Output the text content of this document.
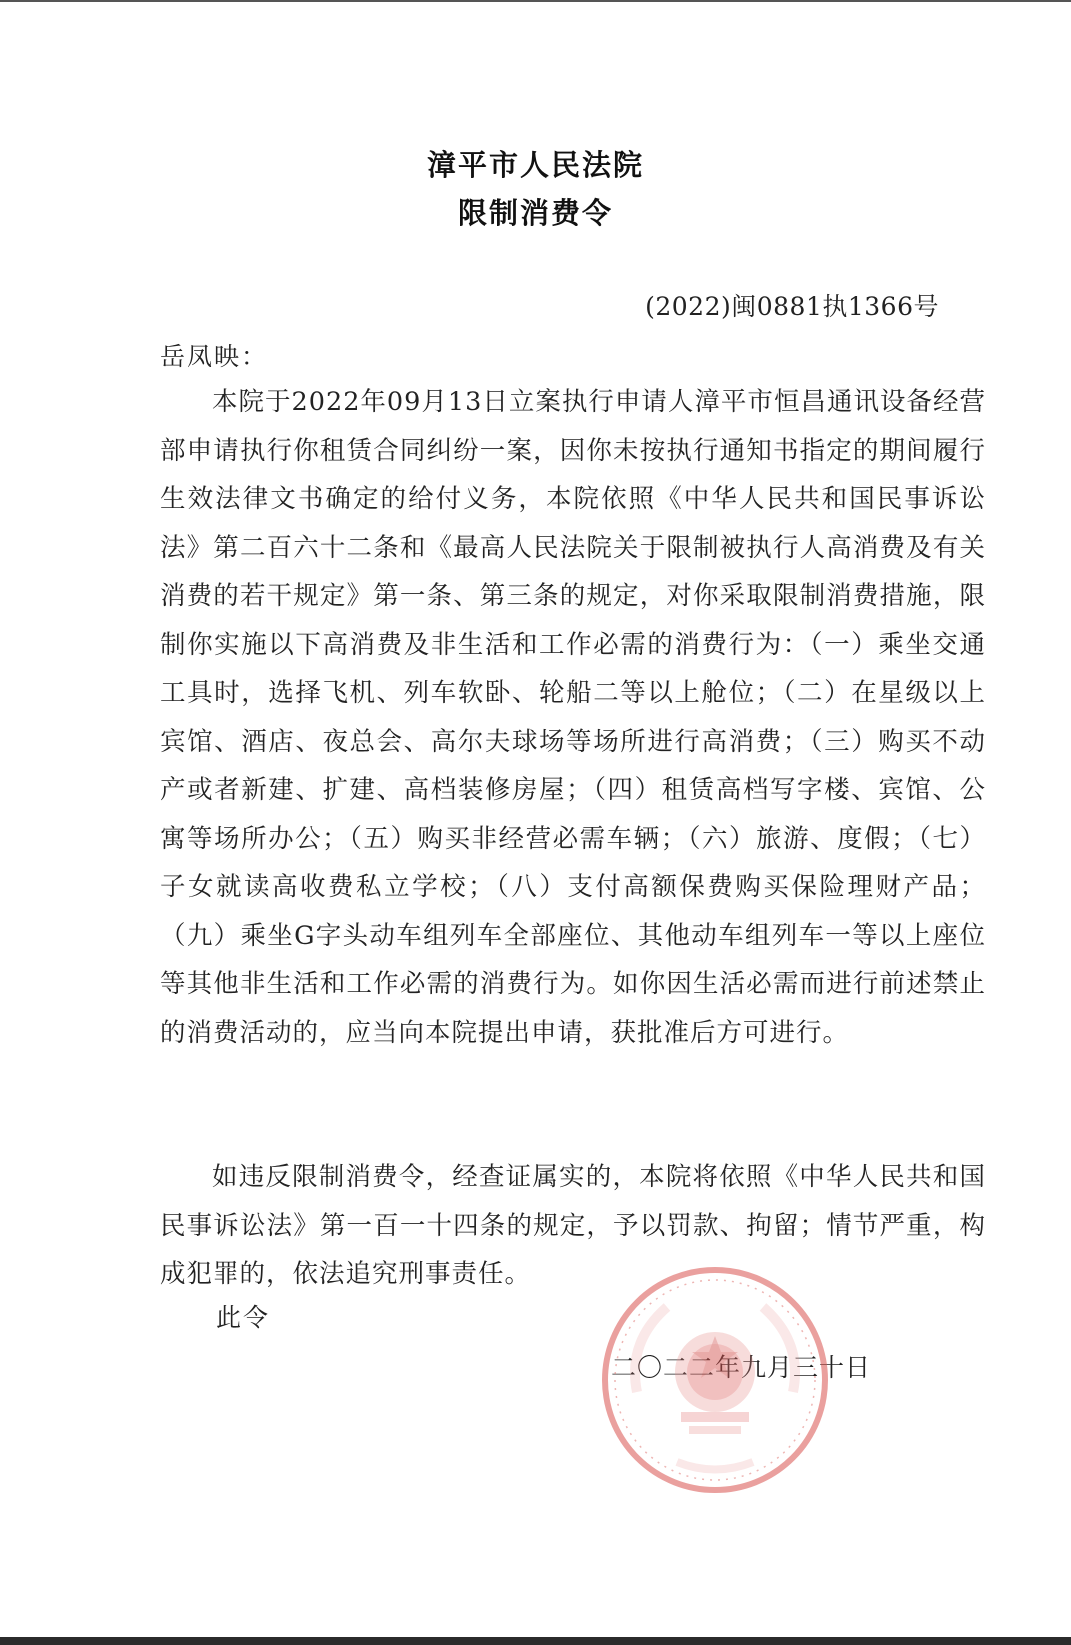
漳平市人民法院
限制消费令
(2022)闽0881执1366号
岳凤映：
本院于2022年09月13日立案执行申请人漳平市恒昌通讯设备经营部申请执行你租赁合同纠纷一案，因你未按执行通知书指定的期间履行生效法律文书确定的给付义务，本院依照《中华人民共和国民事诉讼法》第二百六十二条和《最高人民法院关于限制被执行人高消费及有关消费的若干规定》第一条、第三条的规定，对你采取限制消费措施，限制你实施以下高消费及非生活和工作必需的消费行为：（一）乘坐交通工具时，选择飞机、列车软卧、轮船二等以上舱位；（二）在星级以上宾馆、酒店、夜总会、高尔夫球场等场所进行高消费；（三）购买不动产或者新建、扩建、高档装修房屋；（四）租赁高档写字楼、宾馆、公寓等场所办公；（五）购买非经营必需车辆；（六）旅游、度假；（七）子女就读高收费私立学校；（八）支付高额保费购买保险理财产品；（九）乘坐G字头动车组列车全部座位、其他动车组列车一等以上座位等其他非生活和工作必需的消费行为。如你因生活必需而进行前述禁止的消费活动的，应当向本院提出申请，获批准后方可进行。
如违反限制消费令，经查证属实的，本院将依照《中华人民共和国民事诉讼法》第一百一十四条的规定，予以罚款、拘留；情节严重，构成犯罪的，依法追究刑事责任。
此令
二〇二二年九月三十日
